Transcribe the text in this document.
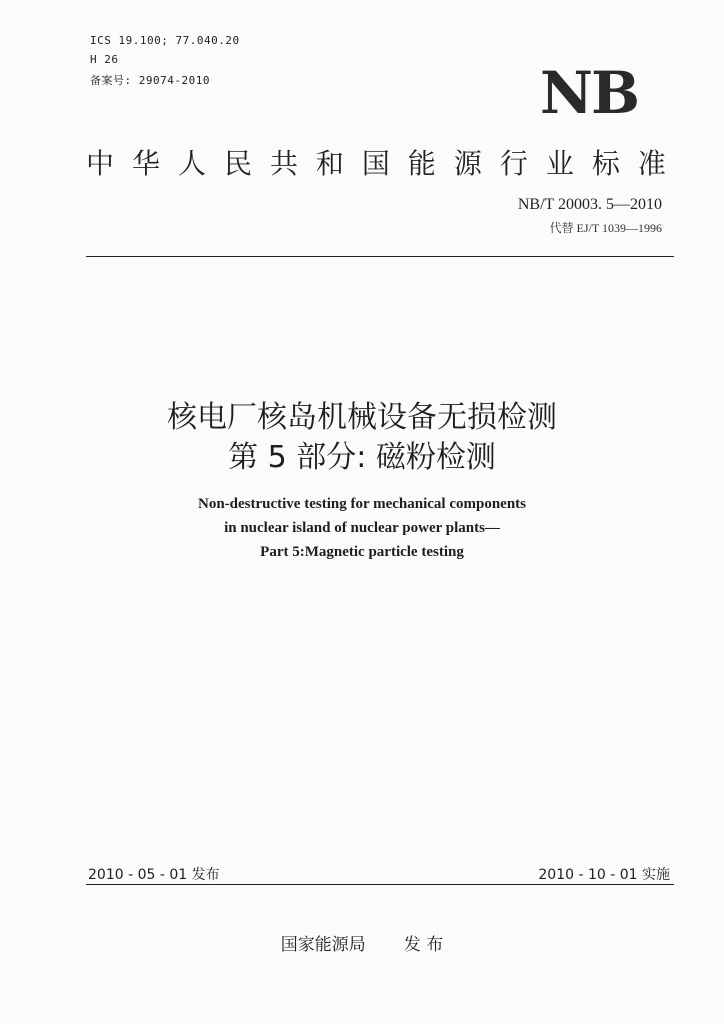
ICS 19.100; 77.040.20
H 26
备案号: 29074-2010	NB
中 华 人 民 共 和 国 能 源 行 业 标 准
NB/T 20003. 5—2010
代替 EJ/T 1039—1996
核电厂核岛机械设备无损检测
第 5 部分: 磁粉检测
Non-destructive testing for mechanical components
in nuclear island of nuclear power plants—
Part 5:Magnetic particle testing
2010 - 05 - 01 发布	2010 - 10 - 01 实施
国家能源局 发 布
